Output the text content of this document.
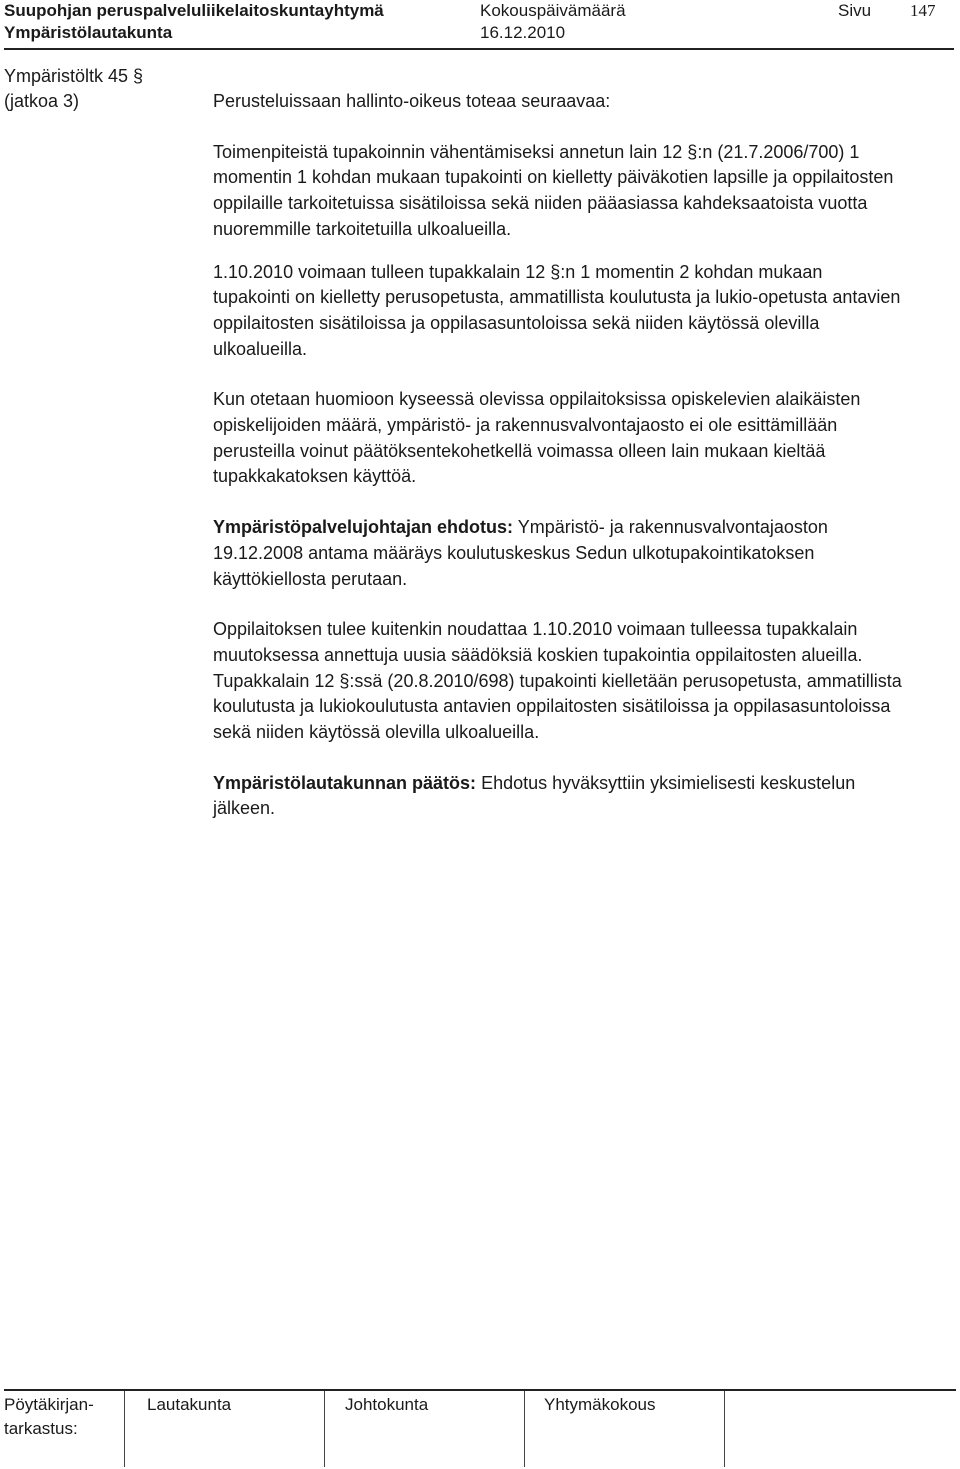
Suupohjan peruspalveluliikelaitoskuntayhtymä	Kokouspäivämäärä	Sivu 147
Ympäristölautakunta	16.12.2010
Ympäristöltk 45 §
(jatkoa 3)	Perusteluissaan hallinto-oikeus toteaa seuraavaa:

Toimenpiteistä tupakoinnin vähentämiseksi annetun lain 12 §:n (21.7.2006/700) 1 momentin 1 kohdan mukaan tupakointi on kielletty päiväkotien lapsille ja oppilaitosten oppilaille tarkoitetuissa sisätiloissa sekä niiden pääasiassa kahdeksaatoista vuotta nuoremmille tarkoitetuilla ulkoalueilla.

1.10.2010 voimaan tulleen tupakkalain 12 §:n 1 momentin 2 kohdan mukaan tupakointi on kielletty perusopetusta, ammatillista koulutusta ja lukio-opetusta antavien oppilaitosten sisätiloissa ja oppilasasuntoloissa sekä niiden käytössä olevilla ulkoalueilla.

Kun otetaan huomioon kyseessä olevissa oppilaitoksissa opiskelevien alaikäisten opiskelijoiden määrä, ympäristö- ja rakennusvalvontajaosto ei ole esittämillään perusteilla voinut päätöksentekohetkellä voimassa olleen lain mukaan kieltää tupakkakatoksen käyttöä.

Ympäristöpalvelujohtajan ehdotus: Ympäristö- ja rakennusvalvontajaoston 19.12.2008 antama määräys koulutuskeskus Sedun ulkotupakointikatoksen käyttökiellosta perutaan.

Oppilaitoksen tulee kuitenkin noudattaa 1.10.2010 voimaan tulleessa tupakkalain muutoksessa annettuja uusia säädöksiä koskien tupakointia oppilaitosten alueilla. Tupakkalain 12 §:ssä (20.8.2010/698) tupakointi kielletään perusopetusta, ammatillista koulutusta ja lukiokoulutusta antavien oppilaitosten sisätiloissa ja oppilasasuntoloissa sekä niiden käytössä olevilla ulkoalueilla.

Ympäristölautakunnan päätös: Ehdotus hyväksyttiin yksimielisesti keskustelun jälkeen.

Pöytäkirjan-tarkastus:
Lautakunta	Johtokunta	Yhtymäkokous
